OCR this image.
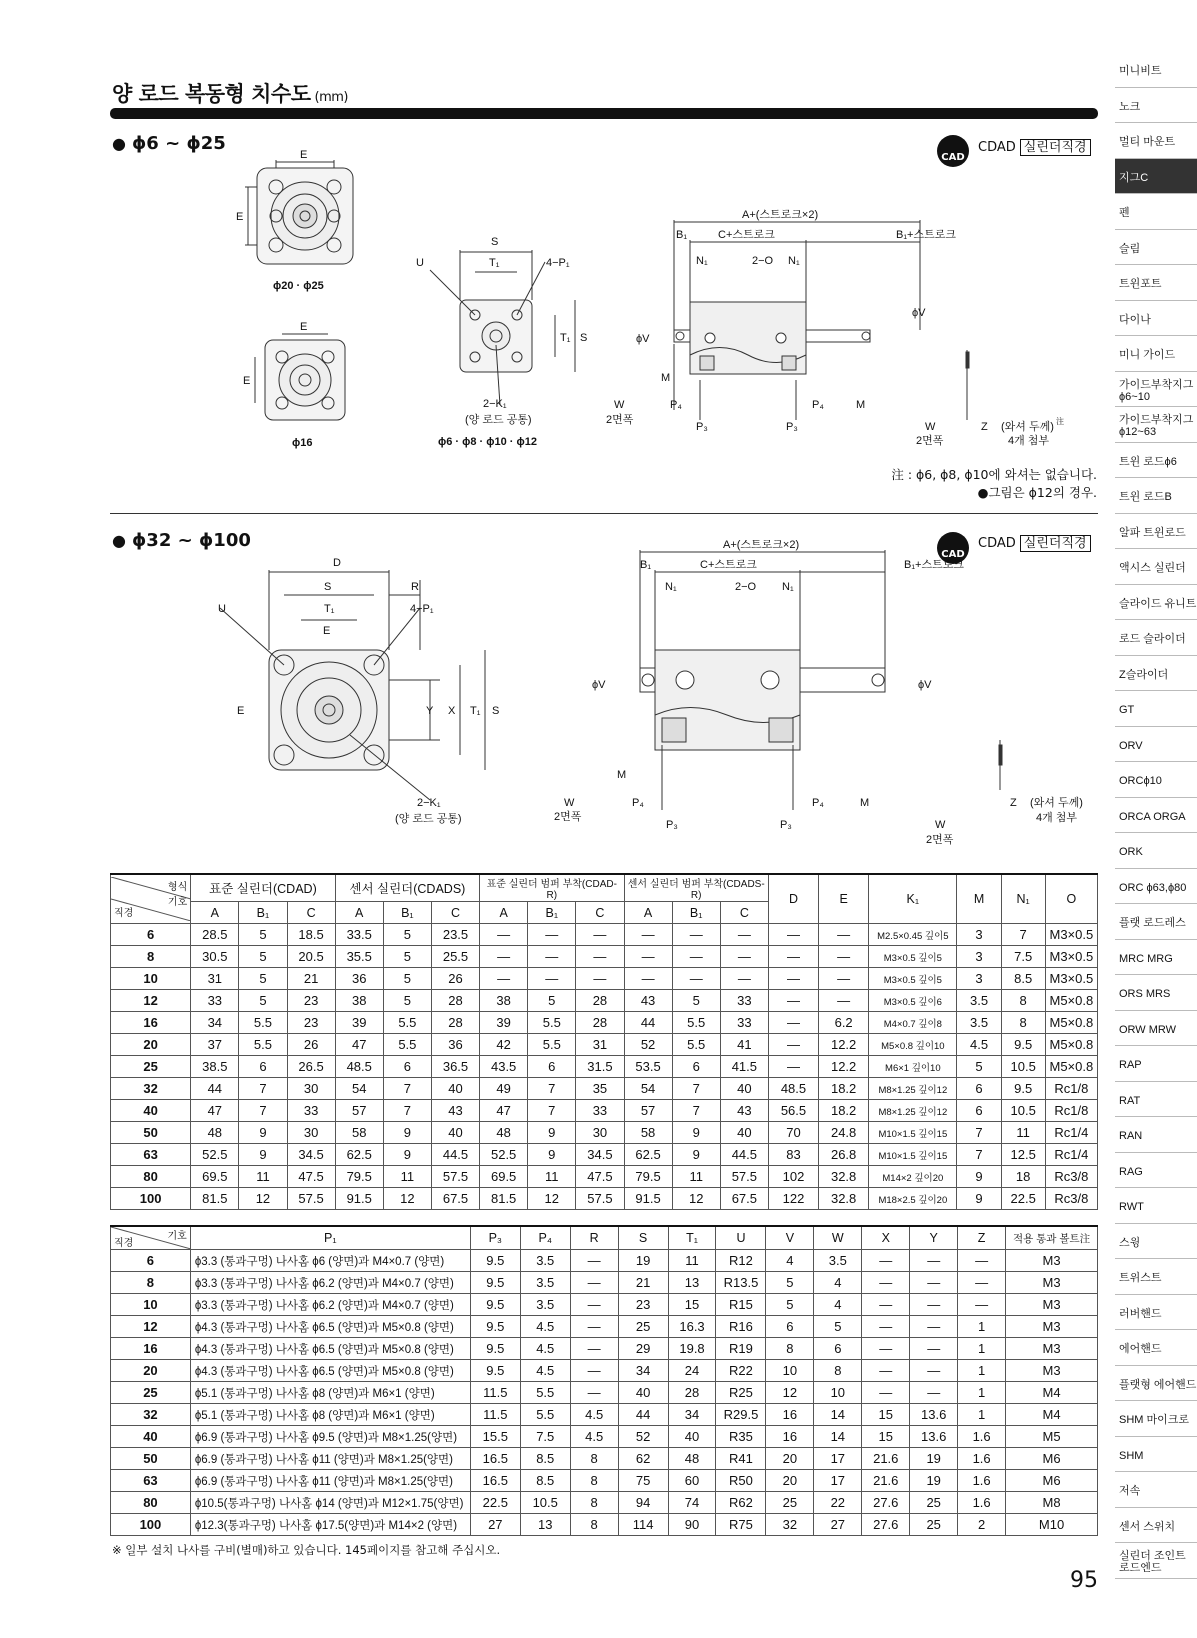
양 로드 복동형 치수도 (mm)
● ϕ6 ~ ϕ25
CAD
CDAD 실린더직경
E
E
ϕ20 · ϕ25
E
E
ϕ16
S
T₁
U	4−P₁
T₁ S
2−K₁
(양 로드 공통)
ϕ6 · ϕ8 · ϕ10 · ϕ12
A+(스트로크×2)
B₁	C+스트로크	B₁+스트로크
N₁	2−O N₁
ϕV
ϕV
M
M
W
2면폭
P₄	P₄
P₃	P₃	W
2면폭
Z (와셔 두께) 注
4개 첨부
注 : ϕ6, ϕ8, ϕ10에 와셔는 없습니다.
●그림은 ϕ12의 경우.
● ϕ32 ~ ϕ100
CAD
CDAD 실린더직경
D
S	R
T₁
U	4−P₁
E
E	Y X T₁ S
2−K₁
(양 로드 공통)
A+(스트로크×2)
B₁	C+스트로크	B₁+스트로크
N₁	2−O N₁
ϕV	ϕV
M
M
W
2면폭
P₄	P₄
P₃	P₃	W
2면폭
Z (와셔 두께)
4개 첨부
형식
기호
직경	표준 실린더(CDAD)			센서 실린더(CDADS)			표준 실린더 범퍼 부착(CDAD-R)			센서 실린더 범퍼 부착(CDADS-R)			D	E	K₁	M	N₁	O
	A	B₁	C	A	B₁	C	A	B₁	C	A	B₁	C						
6	28.5	5	18.5	33.5	5	23.5	—	—	—	—	—	—	—	—	M2.5×0.45 깊이5	3	7	M3×0.5
8	30.5	5	20.5	35.5	5	25.5	—	—	—	—	—	—	—	—	M3×0.5 깊이5	3	7.5	M3×0.5
10	31	5	21	36	5	26	—	—	—	—	—	—	—	—	M3×0.5 깊이5	3	8.5	M3×0.5
12	33	5	23	38	5	28	38	5	28	43	5	33	—	—	M3×0.5 깊이6	3.5	8	M5×0.8
16	34	5.5	23	39	5.5	28	39	5.5	28	44	5.5	33	—	6.2	M4×0.7 깊이8	3.5	8	M5×0.8
20	37	5.5	26	47	5.5	36	42	5.5	31	52	5.5	41	—	12.2	M5×0.8 깊이10	4.5	9.5	M5×0.8
25	38.5	6	26.5	48.5	6	36.5	43.5	6	31.5	53.5	6	41.5	—	12.2	M6×1 깊이10	5	10.5	M5×0.8
32	44	7	30	54	7	40	49	7	35	54	7	40	48.5	18.2	M8×1.25 깊이12	6	9.5	Rc1/8
40	47	7	33	57	7	43	47	7	33	57	7	43	56.5	18.2	M8×1.25 깊이12	6	10.5	Rc1/8
50	48	9	30	58	9	40	48	9	30	58	9	40	70	24.8	M10×1.5 깊이15	7	11	Rc1/4
63	52.5	9	34.5	62.5	9	44.5	52.5	9	34.5	62.5	9	44.5	83	26.8	M10×1.5 깊이15	7	12.5	Rc1/4
80	69.5	11	47.5	79.5	11	57.5	69.5	11	47.5	79.5	11	57.5	102	32.8	M14×2 깊이20	9	18	Rc3/8
100	81.5	12	57.5	91.5	12	67.5	81.5	12	57.5	91.5	12	67.5	122	32.8	M18×2.5 깊이20	9	22.5	Rc3/8
기호
직경	P₁	P₃	P₄	R	S	T₁	U	V	W	X	Y	Z	적용 통과 볼트注
6	ϕ3.3 (통과구멍) 나사홈 ϕ6 (양면)과 M4×0.7 (양면)	9.5	3.5	—	19	11	R12	4	3.5	—	—	—	M3
8	ϕ3.3 (통과구멍) 나사홈 ϕ6.2 (양면)과 M4×0.7 (양면)	9.5	3.5	—	21	13	R13.5	5	4	—	—	—	M3
10	ϕ3.3 (통과구멍) 나사홈 ϕ6.2 (양면)과 M4×0.7 (양면)	9.5	3.5	—	23	15	R15	5	4	—	—	—	M3
12	ϕ4.3 (통과구멍) 나사홈 ϕ6.5 (양면)과 M5×0.8 (양면)	9.5	4.5	—	25	16.3	R16	6	5	—	—	1	M3
16	ϕ4.3 (통과구멍) 나사홈 ϕ6.5 (양면)과 M5×0.8 (양면)	9.5	4.5	—	29	19.8	R19	8	6	—	—	1	M3
20	ϕ4.3 (통과구멍) 나사홈 ϕ6.5 (양면)과 M5×0.8 (양면)	9.5	4.5	—	34	24	R22	10	8	—	—	1	M3
25	ϕ5.1 (통과구멍) 나사홈 ϕ8 (양면)과 M6×1 (양면)	11.5	5.5	—	40	28	R25	12	10	—	—	1	M4
32	ϕ5.1 (통과구멍) 나사홈 ϕ8 (양면)과 M6×1 (양면)	11.5	5.5	4.5	44	34	R29.5	16	14	15	13.6	1	M4
40	ϕ6.9 (통과구멍) 나사홈 ϕ9.5 (양면)과 M8×1.25(양면)	15.5	7.5	4.5	52	40	R35	16	14	15	13.6	1.6	M5
50	ϕ6.9 (통과구멍) 나사홈 ϕ11 (양면)과 M8×1.25(양면)	16.5	8.5	8	62	48	R41	20	17	21.6	19	1.6	M6
63	ϕ6.9 (통과구멍) 나사홈 ϕ11 (양면)과 M8×1.25(양면)	16.5	8.5	8	75	60	R50	20	17	21.6	19	1.6	M6
80	ϕ10.5(통과구멍) 나사홈 ϕ14 (양면)과 M12×1.75(양면)	22.5	10.5	8	94	74	R62	25	22	27.6	25	1.6	M8
100	ϕ12.3(통과구멍) 나사홈 ϕ17.5(양면)과 M14×2 (양면)	27	13	8	114	90	R75	32	27	27.6	25	2	M10
※ 일부 설치 나사를 구비(별매)하고 있습니다. 145페이지를 참고해 주십시오.
95
미니비트
노크
멀티 마운트
지그C
펜
슬림
트윈포트
다이나
미니 가이드
가이드부착지그 ϕ6~10
가이드부착지그 ϕ12~63
트윈 로드ϕ6
트윈 로드B
알파 트윈로드
액시스 실린더
슬라이드 유니트
로드 슬라이더
Z슬라이더
GT
ORV
ORCϕ10
ORCA ORGA
ORK
ORC ϕ63,ϕ80
플랫 로드레스
MRC MRG
ORS MRS
ORW MRW
RAP
RAT
RAN
RAG
RWT
스윙
트위스트
러버핸드
에어핸드
플랫형 에어핸드
SHM 마이크로
SHM
저속
센서 스위치
실린더 조인트 로드엔드
